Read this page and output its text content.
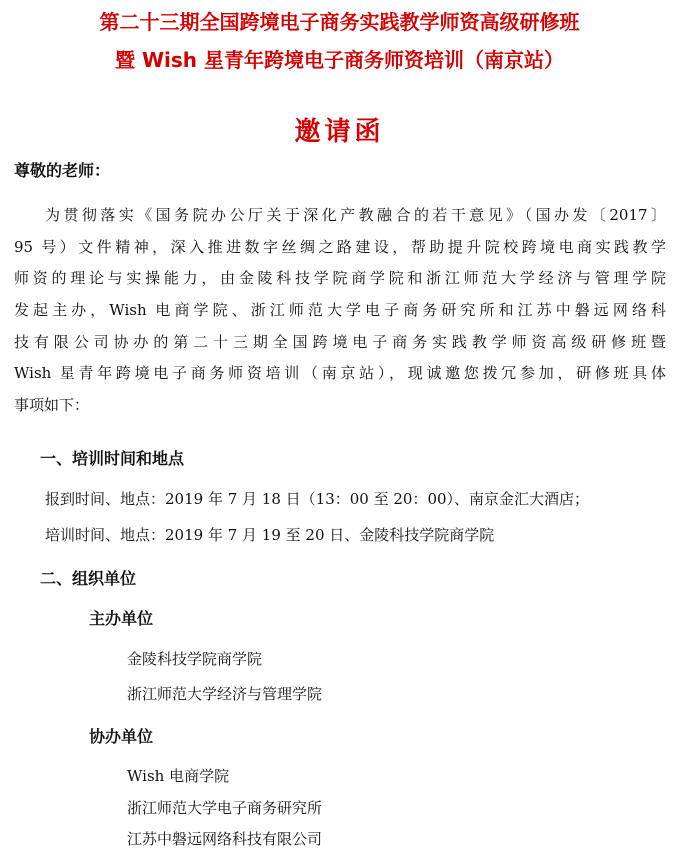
第二十三期全国跨境电子商务实践教学师资高级研修班
暨 Wish 星青年跨境电子商务师资培训（南京站）
邀请函
尊敬的老师：
为贯彻落实《国务院办公厅关于深化产教融合的若干意见》（国办发〔2017〕
95 号）文件精神，深入推进数字丝绸之路建设，帮助提升院校跨境电商实践教学
师资的理论与实操能力，由金陵科技学院商学院和浙江师范大学经济与管理学院
发起主办，Wish 电商学院、浙江师范大学电子商务研究所和江苏中磐远网络科
技有限公司协办的第二十三期全国跨境电子商务实践教学师资高级研修班暨
Wish 星青年跨境电子商务师资培训（南京站），现诚邀您拨冗参加，研修班具体
事项如下：
一、培训时间和地点
报到时间、地点：2019 年 7 月 18 日（13：00 至 20：00）、南京金汇大酒店；
培训时间、地点：2019 年 7 月 19 至 20 日、金陵科技学院商学院
二、组织单位
主办单位
金陵科技学院商学院
浙江师范大学经济与管理学院
协办单位
Wish 电商学院
浙江师范大学电子商务研究所
江苏中磐远网络科技有限公司
